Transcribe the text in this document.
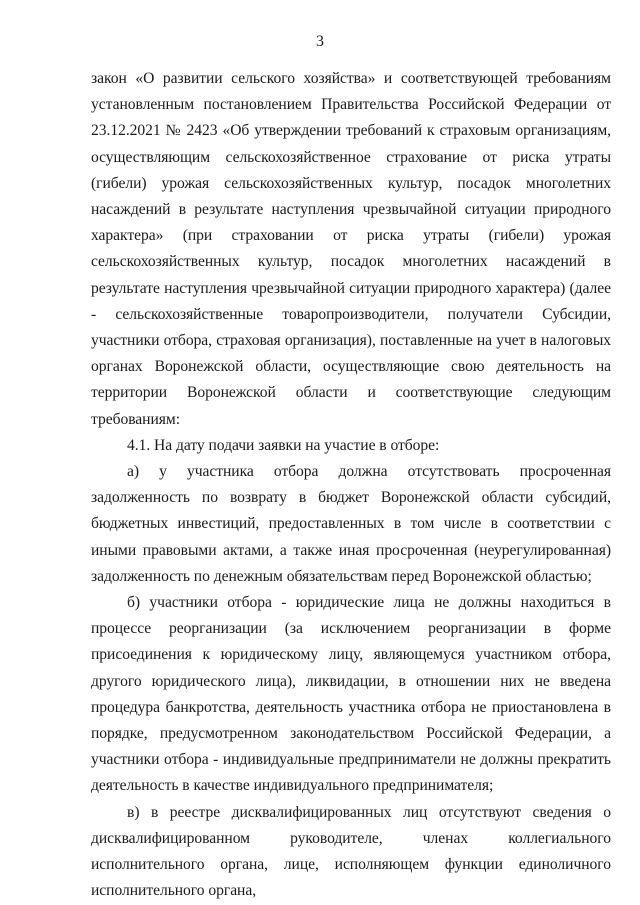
3

закон «О развитии сельского хозяйства» и соответствующей требованиям установленным постановлением Правительства Российской Федерации от 23.12.2021 № 2423 «Об утверждении требований к страховым организациям, осуществляющим сельскохозяйственное страхование от риска утраты (гибели) урожая сельскохозяйственных культур, посадок многолетних насаждений в результате наступления чрезвычайной ситуации природного характера» (при страховании от риска утраты (гибели) урожая сельскохозяйственных культур, посадок многолетних насаждений в результате наступления чрезвычайной ситуации природного характера) (далее - сельскохозяйственные товаропроизводители, получатели Субсидии, участники отбора, страховая организация), поставленные на учет в налоговых органах Воронежской области, осуществляющие свою деятельность на территории Воронежской области и соответствующие следующим требованиям:

4.1. На дату подачи заявки на участие в отборе:

а) у участника отбора должна отсутствовать просроченная задолженность по возврату в бюджет Воронежской области субсидий, бюджетных инвестиций, предоставленных в том числе в соответствии с иными правовыми актами, а также иная просроченная (неурегулированная) задолженность по денежным обязательствам перед Воронежской областью;

б) участники отбора - юридические лица не должны находиться в процессе реорганизации (за исключением реорганизации в форме присоединения к юридическому лицу, являющемуся участником отбора, другого юридического лица), ликвидации, в отношении них не введена процедура банкротства, деятельность участника отбора не приостановлена в порядке, предусмотренном законодательством Российской Федерации, а участники отбора - индивидуальные предприниматели не должны прекратить деятельность в качестве индивидуального предпринимателя;

в) в реестре дисквалифицированных лиц отсутствуют сведения о дисквалифицированном руководителе, членах коллегиального исполнительного органа, лице, исполняющем функции единоличного исполнительного органа,
